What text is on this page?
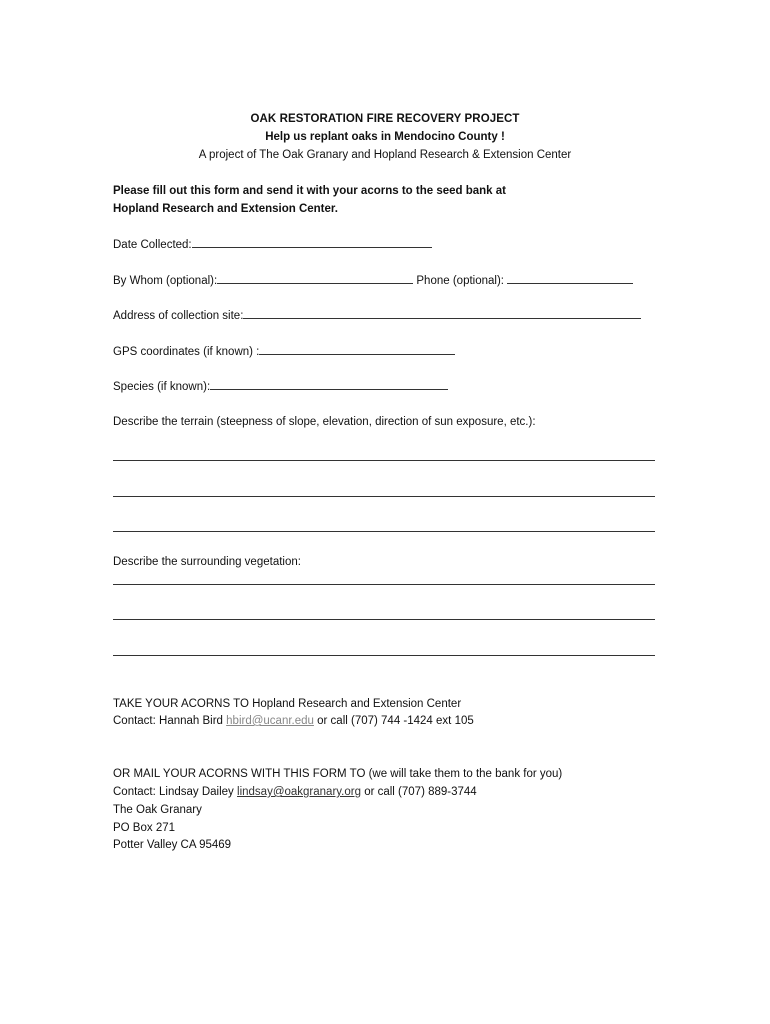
OAK RESTORATION FIRE RECOVERY PROJECT
Help us replant oaks in Mendocino County !
A project of The Oak Granary and Hopland Research & Extension Center
Please fill out this form and send it with your acorns to the seed bank at
Hopland Research and Extension Center.
Date Collected:
By Whom (optional):	Phone (optional):
Address of collection site:
GPS coordinates (if known) :
Species (if known):
Describe the terrain (steepness of slope, elevation, direction of sun exposure, etc.):
Describe the surrounding vegetation:
TAKE YOUR ACORNS TO Hopland Research and Extension Center
Contact: Hannah Bird hbird@ucanr.edu or call (707) 744 -1424 ext 105
OR MAIL YOUR ACORNS WITH THIS FORM TO (we will take them to the bank for you)
Contact: Lindsay Dailey lindsay@oakgranary.org or call (707) 889-3744
The Oak Granary
PO Box 271
Potter Valley CA 95469
